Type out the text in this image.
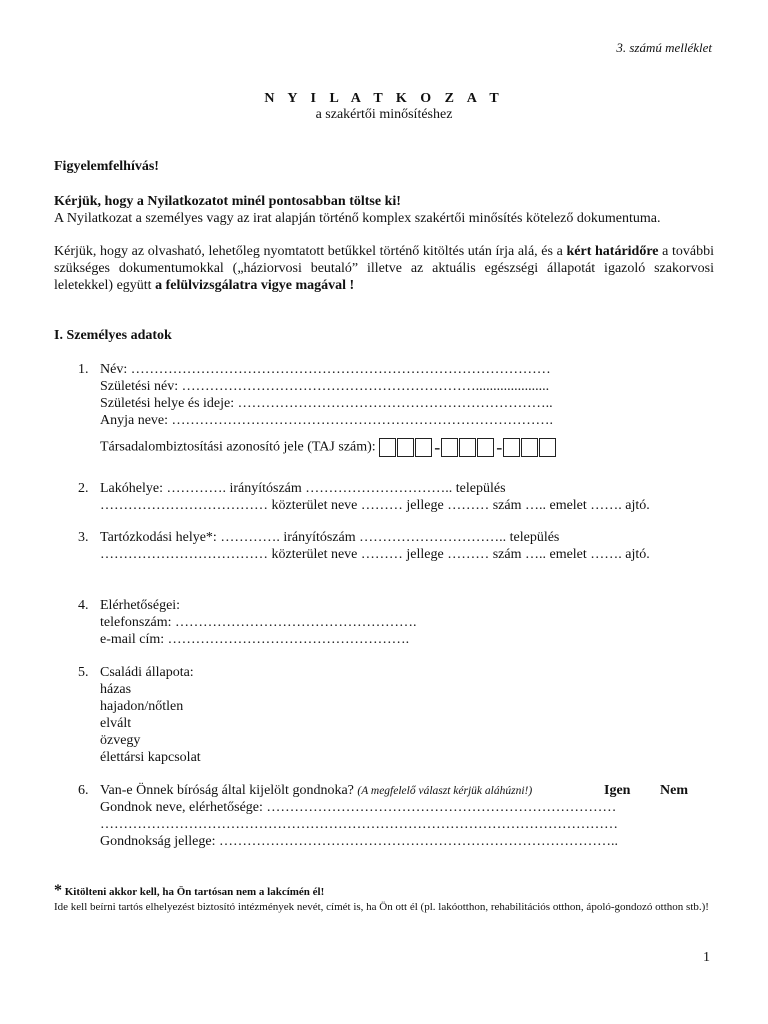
3. számú melléklet
N Y I L A T K O Z A T
a szakértői minősítéshez
Figyelemfelhívás!
Kérjük, hogy a Nyilatkozatot minél pontosabban töltse ki!
A Nyilatkozat a személyes vagy az irat alapján történő komplex szakértői minősítés kötelező dokumentuma.
Kérjük, hogy az olvasható, lehetőleg nyomtatott betűkkel történő kitöltés után írja alá, és a kért határidőre a további szükséges dokumentumokkal („háziorvosi beutaló” illetve az aktuális egészségi állapotát igazoló szakorvosi leletekkel) együtt a felülvizsgálatra vigye magával !
I. Személyes adatok
1. Név: ………………………………………………………………………………
Születési név: ……………………………………………………….....................
Születési helye és ideje: …………………………………………………………..
Anyja neve: ……………………………………………………………………….
Társadalombiztosítási azonosító jele (TAJ szám):	-	-
2. Lakóhelye: …………. irányítószám ………………………….. település
……………………………… közterület neve ……… jellege ……… szám ….. emelet ……. ajtó.
3. Tartózkodási helye*: …………. irányítószám ………………………….. település
……………………………… közterület neve ……… jellege ……… szám ….. emelet ……. ajtó.
4. Elérhetőségei:
telefonszám: …………………………………………….
e-mail cím: …………………………………………….
5. Családi állapota:
házas
hajadon/nőtlen
elvált
özvegy
élettársi kapcsolat
6. Van-e Önnek bíróság által kijelölt gondnoka? (A megfelelő választ kérjük aláhúzni!)	Igen Nem
Gondnok neve, elérhetősége: …………………………………………………………………
…………………………………………………………………………………………………
Gondnokság jellege: …………………………………………………………………………..
* Kitölteni akkor kell, ha Ön tartósan nem a lakcímén él!
Ide kell beírni tartós elhelyezést biztosító intézmények nevét, címét is, ha Ön ott él (pl. lakóotthon, rehabilitációs otthon, ápoló-gondozó otthon stb.)!
1
